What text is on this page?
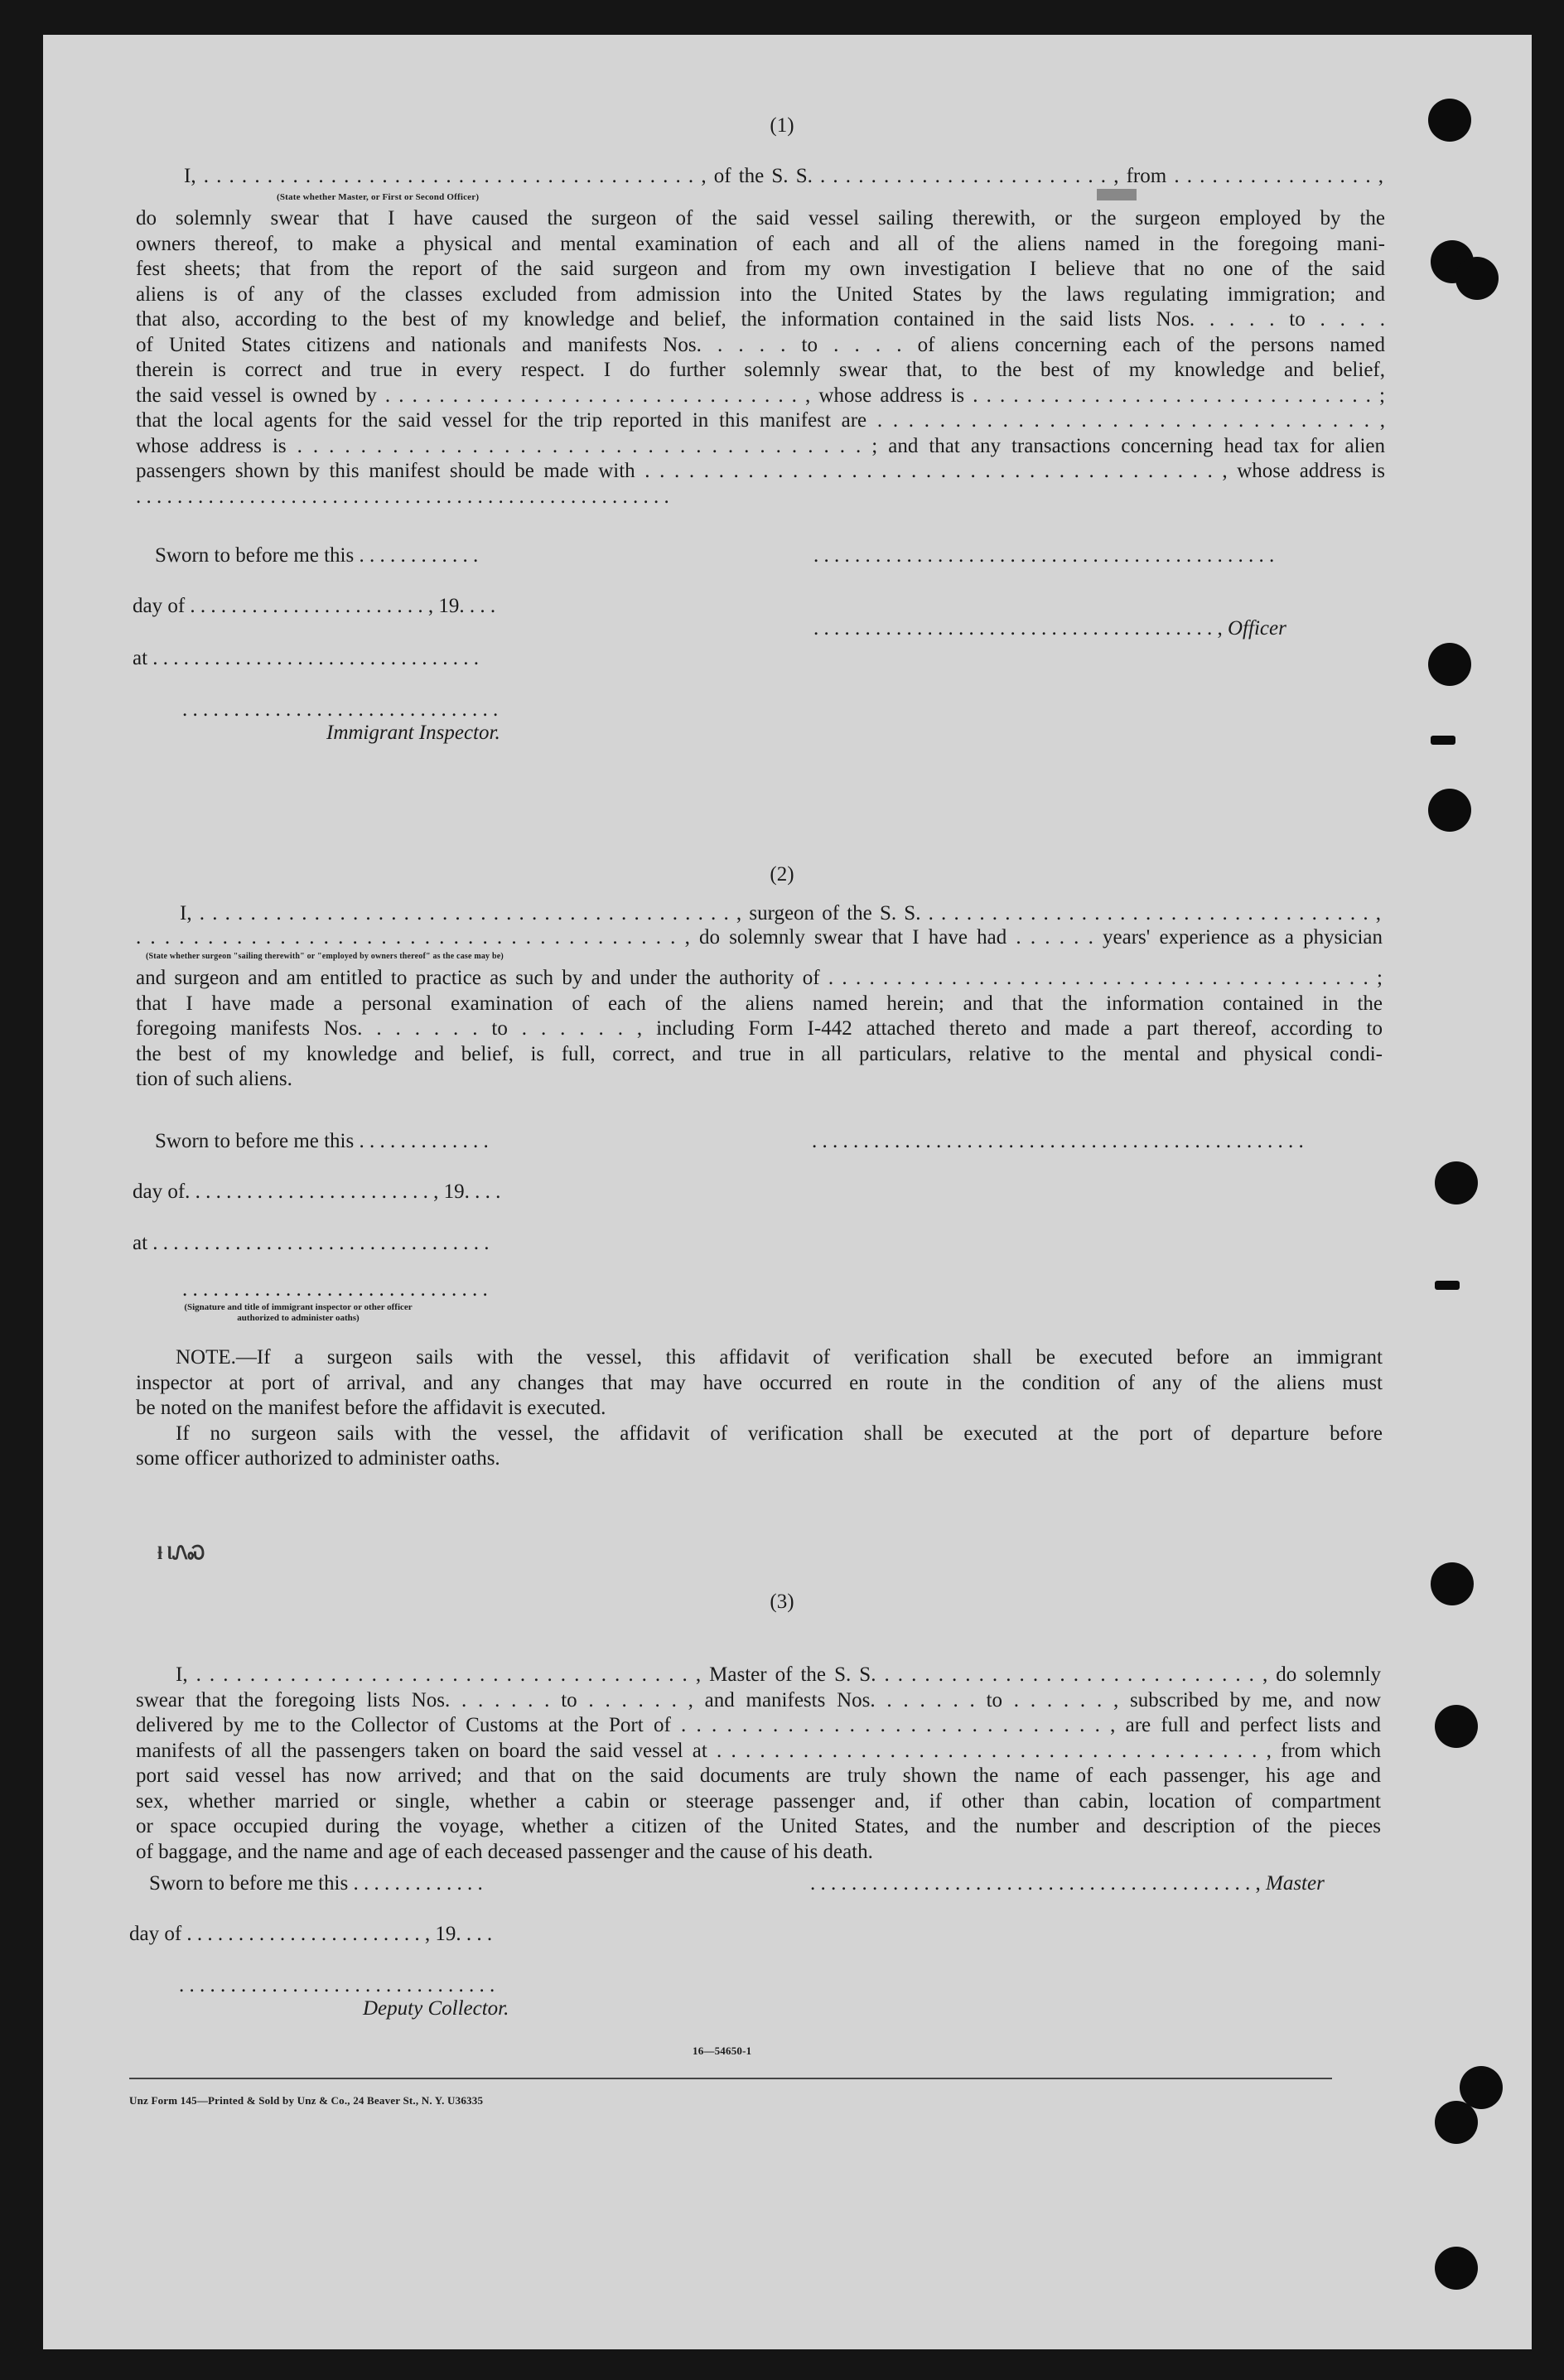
(1)
I, . . . . . . . . . . . . . . . . . . . . . . . . . . . . . . . . . . . . . . . , of the S. S. . . . . . . . . . . . . . . . . . . . . . . . , from . . . . . . . . . . . . . . . . ,
(State whether Master, or First or Second Officer)
do solemnly swear that I have caused the surgeon of the said vessel sailing therewith, or the surgeon employed by the
owners thereof, to make a physical and mental examination of each and all of the aliens named in the foregoing mani-
fest sheets; that from the report of the said surgeon and from my own investigation I believe that no one of the said
aliens is of any of the classes excluded from admission into the United States by the laws regulating immigration; and
that also, according to the best of my knowledge and belief, the information contained in the said lists Nos. . . . . to . . . .
of United States citizens and nationals and manifests Nos. . . . . to . . . . of aliens concerning each of the persons named
therein is correct and true in every respect. I do further solemnly swear that, to the best of my knowledge and belief,
the said vessel is owned by . . . . . . . . . . . . . . . . . . . . . . . . . . . . . . . , whose address is . . . . . . . . . . . . . . . . . . . . . . . . . . . . . . ;
that the local agents for the said vessel for the trip reported in this manifest are . . . . . . . . . . . . . . . . . . . . . . . . . . . . . . . . ,
whose address is . . . . . . . . . . . . . . . . . . . . . . . . . . . . . . . . . . . . ; and that any transactions concerning head tax for alien
passengers shown by this manifest should be made with . . . . . . . . . . . . . . . . . . . . . . . . . . . . . . . . . . . . . . . , whose address is
. . . . . . . . . . . . . . . . . . . . . . . . . . . . . . . . . . . . . . . . . . . . . . . . . . . .
Sworn to before me this . . . . . . . . . . . .	. . . . . . . . . . . . . . . . . . . . . . . . . . . . . . . . . . . . . . . . . . . . .
day of . . . . . . . . . . . . . . . . . . . . . . . , 19. . . .
. . . . . . . . . . . . . . . . . . . . . . . . . . . . . . . . . . . . . . . , Officer
at . . . . . . . . . . . . . . . . . . . . . . . . . . . . . . . .
. . . . . . . . . . . . . . . . . . . . . . . . . . . . . . .
Immigrant Inspector.
(2)
I, . . . . . . . . . . . . . . . . . . . . . . . . . . . . . . . . . . . . . . . . . . , surgeon of the S. S. . . . . . . . . . . . . . . . . . . . . . . . . . . . . . . . . . . . ,
. . . . . . . . . . . . . . . . . . . . . . . . . . . . . . . . . . . . . . , do solemnly swear that I have had . . . . . . years' experience as a physician
(State whether surgeon "sailing therewith" or "employed by owners thereof" as the case may be)
and surgeon and am entitled to practice as such by and under the authority of . . . . . . . . . . . . . . . . . . . . . . . . . . . . . . . . . . . . . . . . ;
that I have made a personal examination of each of the aliens named herein; and that the information contained in the
foregoing manifests Nos. . . . . . . to . . . . . . , including Form I-442 attached thereto and made a part thereof, according to
the best of my knowledge and belief, is full, correct, and true in all particulars, relative to the mental and physical condi-
tion of such aliens.
Sworn to before me this . . . . . . . . . . . . .	. . . . . . . . . . . . . . . . . . . . . . . . . . . . . . . . . . . . . . . . . . . . . . . .
day of. . . . . . . . . . . . . . . . . . . . . . . . , 19. . . .
at . . . . . . . . . . . . . . . . . . . . . . . . . . . . . . . . .
. . . . . . . . . . . . . . . . . . . . . . . . . . . . . .
(Signature and title of immigrant inspector or other officer authorized to administer oaths)
NOTE.—If a surgeon sails with the vessel, this affidavit of verification shall be executed before an immigrant
inspector at port of arrival, and any changes that may have occurred en route in the condition of any of the aliens must
be noted on the manifest before the affidavit is executed.
If no surgeon sails with the vessel, the affidavit of verification shall be executed at the port of departure before
some officer authorized to administer oaths.
ƚ ƖᏁᏍ
(3)
I, . . . . . . . . . . . . . . . . . . . . . . . . . . . . . . . . . . . . . , Master of the S. S. . . . . . . . . . . . . . . . . . . . . . . . . . . . . , do solemnly
swear that the foregoing lists Nos. . . . . . . to . . . . . . , and manifests Nos. . . . . . . to . . . . . . , subscribed by me, and now
delivered by me to the Collector of Customs at the Port of . . . . . . . . . . . . . . . . . . . . . . . . . . . . , are full and perfect lists and
manifests of all the passengers taken on board the said vessel at . . . . . . . . . . . . . . . . . . . . . . . . . . . . . . . . . . . . . . , from which
port said vessel has now arrived; and that on the said documents are truly shown the name of each passenger, his age and
sex, whether married or single, whether a cabin or steerage passenger and, if other than cabin, location of compartment
or space occupied during the voyage, whether a citizen of the United States, and the number and description of the pieces
of baggage, and the name and age of each deceased passenger and the cause of his death.
Sworn to before me this . . . . . . . . . . . . .	. . . . . . . . . . . . . . . . . . . . . . . . . . . . . . . . . . . . . . . . . . . , Master
day of . . . . . . . . . . . . . . . . . . . . . . . , 19. . . .
. . . . . . . . . . . . . . . . . . . . . . . . . . . . . . .
Deputy Collector.
16—54650-1
Unz Form 145—Printed & Sold by Unz & Co., 24 Beaver St., N. Y. U36335
